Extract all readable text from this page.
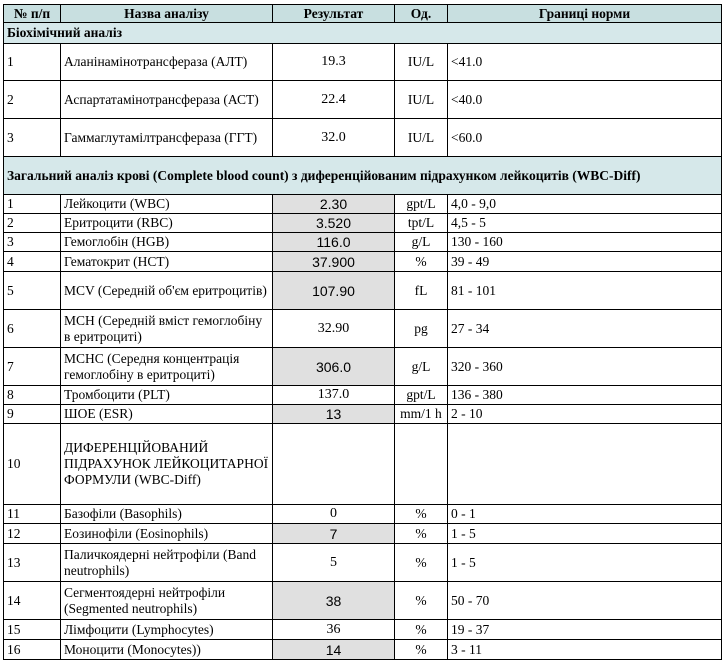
№ п/п	Назва аналізу	Результат	Од.	Границі норми
Біохімічний аналіз				
1	Аланінамінотрансфераза (АЛТ)	19.3	IU/L	<41.0
2	Аспартатамінотрансфераза (АСТ)	22.4	IU/L	<40.0
3	Гаммаглутамілтрансфераза (ГГТ)	32.0	IU/L	<60.0
Загальний аналіз крові (Complete blood count) з диференційованим підрахунком лейкоцитів (WBC-Diff)				
1	Лейкоцити (WBC)	2.30	gpt/L	4,0 - 9,0
2	Еритроцити (RBC)	3.520	tpt/L	4,5 - 5
3	Гемоглобін (HGB)	116.0	g/L	130 - 160
4	Гематокрит (HCT)	37.900	%	39 - 49
5	MCV (Середній об'єм еритроцитів)	107.90	fL	81 - 101
6	MCH (Середній вміст гемоглобіну в еритроциті)	32.90	pg	27 - 34
7	MCHC (Середня концентрація гемоглобіну в еритроциті)	306.0	g/L	320 - 360
8	Тромбоцити (PLT)	137.0	gpt/L	136 - 380
9	ШОЕ (ESR)	13	mm/1 h	2 - 10
10	ДИФЕРЕНЦІЙОВАНИЙ ПІДРАХУНОК ЛЕЙКОЦИТАРНОЇ ФОРМУЛИ (WBC-Diff)			
11	Базофіли (Basophils)	0	%	0 - 1
12	Еозинофіли (Eosinophils)	7	%	1 - 5
13	Паличкоядерні нейтрофіли (Band neutrophils)	5	%	1 - 5
14	Сегментоядерні нейтрофіли (Segmented neutrophils)	38	%	50 - 70
15	Лімфоцити (Lymphocytes)	36	%	19 - 37
16	Моноцити (Monocytes))	14	%	3 - 11
